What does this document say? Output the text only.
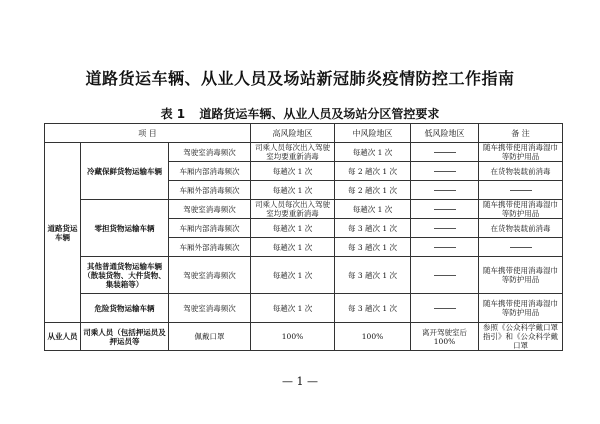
道路货运车辆、从业人员及场站新冠肺炎疫情防控工作指南
表 1 道路货运车辆、从业人员及场站分区管控要求
项 目			高风险地区	中风险地区	低风险地区	备 注
道路货运车辆	冷藏保鲜货物运输车辆	驾驶室消毒频次	司乘人员每次出入驾驶室均要重新消毒	每趟次 1 次		随车携带使用消毒湿巾等防护用品
		车厢内部消毒频次	每趟次 1 次	每 2 趟次 1 次		在货物装载前消毒
		车厢外部消毒频次	每趟次 1 次	每 2 趟次 1 次		
	零担货物运输车辆	驾驶室消毒频次	司乘人员每次出入驾驶室均要重新消毒	每趟次 1 次		随车携带使用消毒湿巾等防护用品
		车厢内部消毒频次	每趟次 1 次	每 3 趟次 1 次		在货物装载前消毒
		车厢外部消毒频次	每趟次 1 次	每 3 趟次 1 次		
	其他普通货物运输车辆（散装货物、大件货物、集装箱等）	驾驶室消毒频次	每趟次 1 次	每 3 趟次 1 次		随车携带使用消毒湿巾等防护用品
	危险货物运输车辆	驾驶室消毒频次	每趟次 1 次	每 3 趟次 1 次		随车携带使用消毒湿巾等防护用品
从业人员	司乘人员（包括押运员及押运员等	佩戴口罩	100%	100%	离开驾驶室后 100%	参照《公众科学戴口罩指引》和《公众科学戴口罩
— 1 —
